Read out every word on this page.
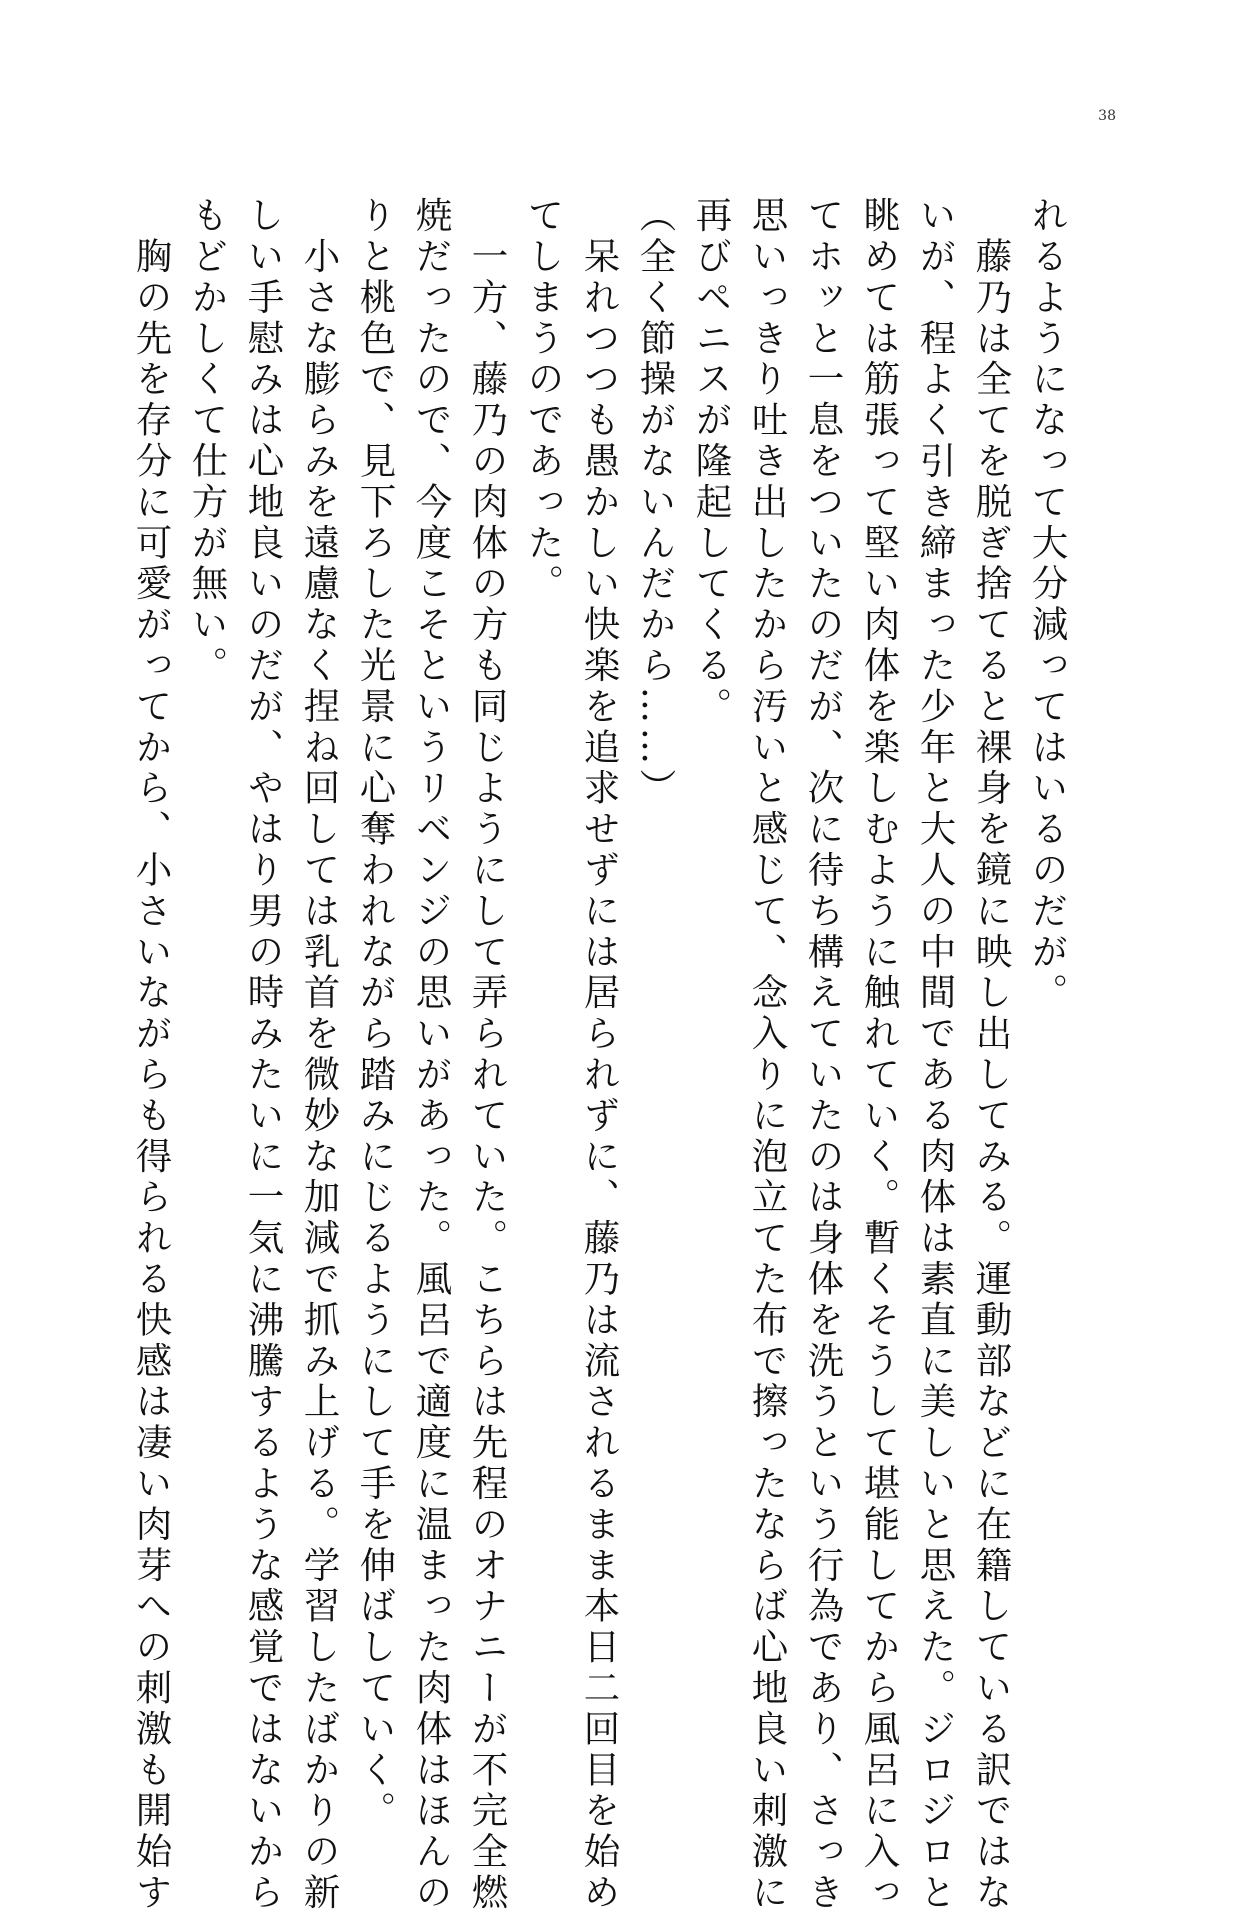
38

れるようになって大分減ってはいるのだが。

　藤乃は全てを脱ぎ捨てると裸身を鏡に映し出してみる。運動部などに在籍している訳ではな

いが、程よく引き締まった少年と大人の中間である肉体は素直に美しいと思えた。ジロジロと

眺めては筋張って堅い肉体を楽しむように触れていく。暫くそうして堪能してから風呂に入っ

てホッと一息をついたのだが、次に待ち構えていたのは身体を洗うという行為であり、さっき

思いっきり吐き出したから汚いと感じて、念入りに泡立てた布で擦ったならば心地良い刺激に

再びペニスが隆起してくる。

（全く節操がないんだから……）

　呆れつつも愚かしい快楽を追求せずには居られずに、藤乃は流されるまま本日二回目を始め

てしまうのであった。

　一方、藤乃の肉体の方も同じようにして弄られていた。こちらは先程のオナニーが不完全燃

焼だったので、今度こそというリベンジの思いがあった。風呂で適度に温まった肉体はほんの

りと桃色で、見下ろした光景に心奪われながら踏みにじるようにして手を伸ばしていく。

　小さな膨らみを遠慮なく捏ね回しては乳首を微妙な加減で抓み上げる。学習したばかりの新

しい手慰みは心地良いのだが、やはり男の時みたいに一気に沸騰するような感覚ではないから

もどかしくて仕方が無い。

　胸の先を存分に可愛がってから、小さいながらも得られる快感は凄い肉芽への刺激も開始す
